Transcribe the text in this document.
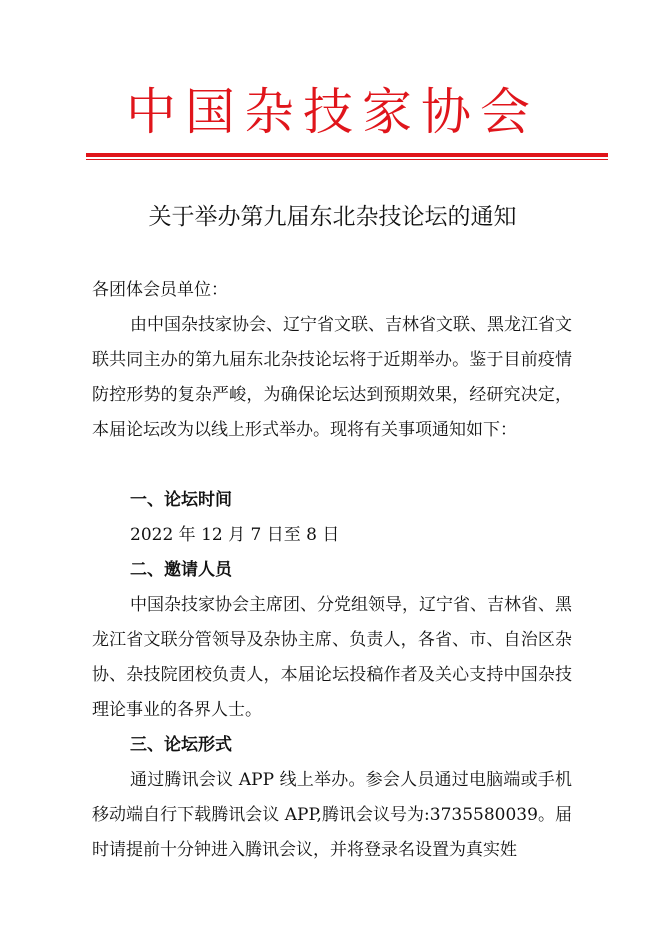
中国杂技家协会
关于举办第九届东北杂技论坛的通知
各团体会员单位：
由中国杂技家协会、辽宁省文联、吉林省文联、黑龙江省文联共同主办的第九届东北杂技论坛将于近期举办。鉴于目前疫情防控形势的复杂严峻，为确保论坛达到预期效果，经研究决定，本届论坛改为以线上形式举办。现将有关事项通知如下：
一、论坛时间
2022 年 12 月 7 日至 8 日
二、邀请人员
中国杂技家协会主席团、分党组领导，辽宁省、吉林省、黑龙江省文联分管领导及杂协主席、负责人，各省、市、自治区杂协、杂技院团校负责人，本届论坛投稿作者及关心支持中国杂技理论事业的各界人士。
三、论坛形式
通过腾讯会议 APP 线上举办。参会人员通过电脑端或手机移动端自行下载腾讯会议 APP,腾讯会议号为:3735580039。届时请提前十分钟进入腾讯会议，并将登录名设置为真实姓
